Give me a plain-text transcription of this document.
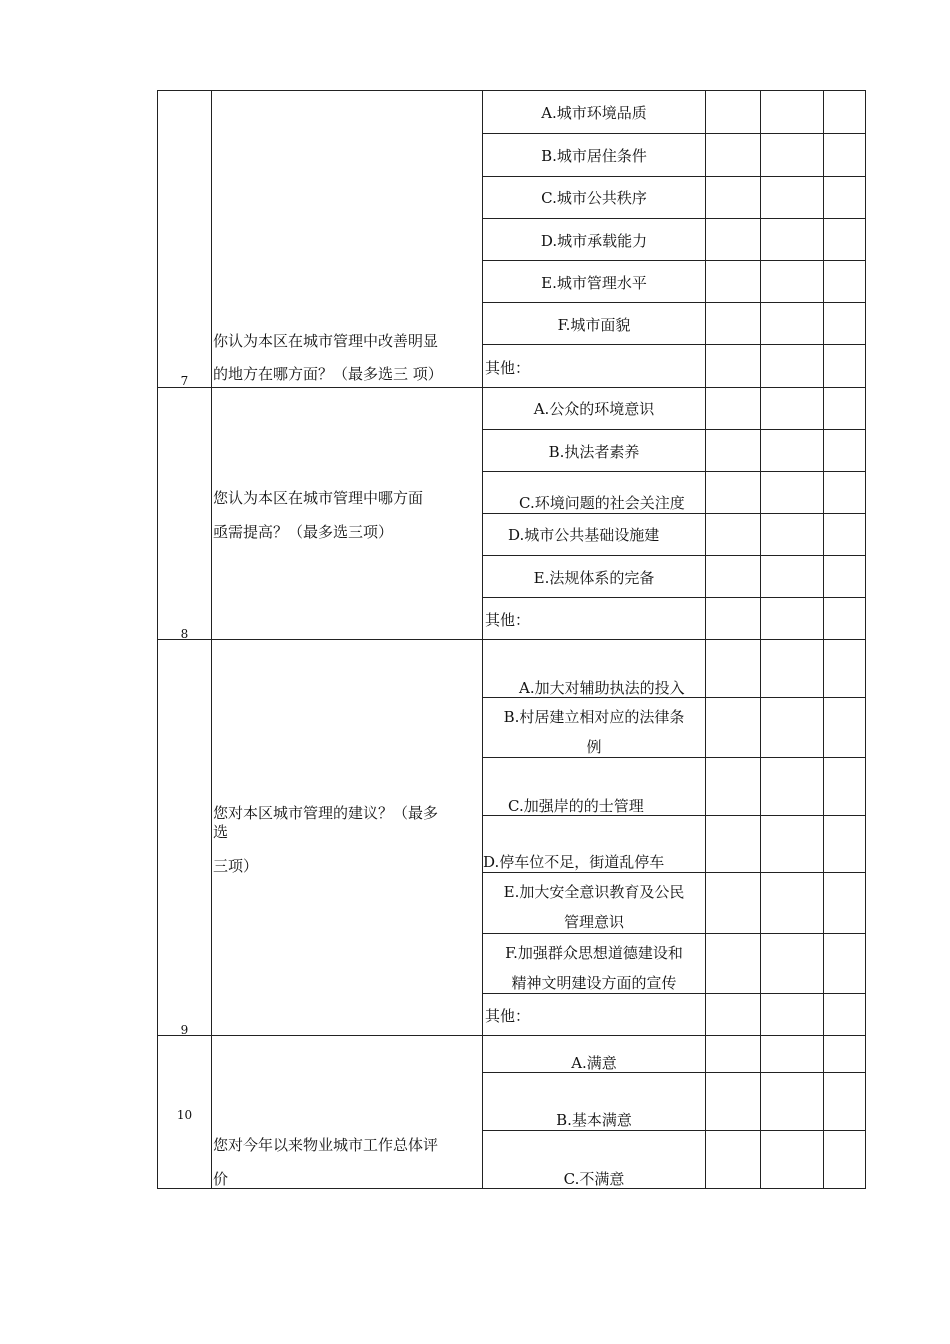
7
你认为本区在城市管理中改善明显
的地方在哪方面？（最多选三 项）
A.城市环境品质
B.城市居住条件
C.城市公共秩序
D.城市承载能力
E.城市管理水平
F.城市面貌
其他：
8
您认为本区在城市管理中哪方面
亟需提高？（最多选三项）
A.公众的环境意识
B.执法者素养
C.环境问题的社会关注度
D.城市公共基础设施建
E.法规体系的完备
其他：
9
您对本区城市管理的建议？（最多
选
三项）
A.加大对辅助执法的投入
B.村居建立相对应的法律条
例
C.加强岸的的士管理
D.停车位不足，街道乱停车
E.加大安全意识教育及公民
管理意识
F.加强群众思想道德建设和
精神文明建设方面的宣传
其他：
10
您对今年以来物业城市工作总体评
价
A.满意
B.基本满意
C.不满意
